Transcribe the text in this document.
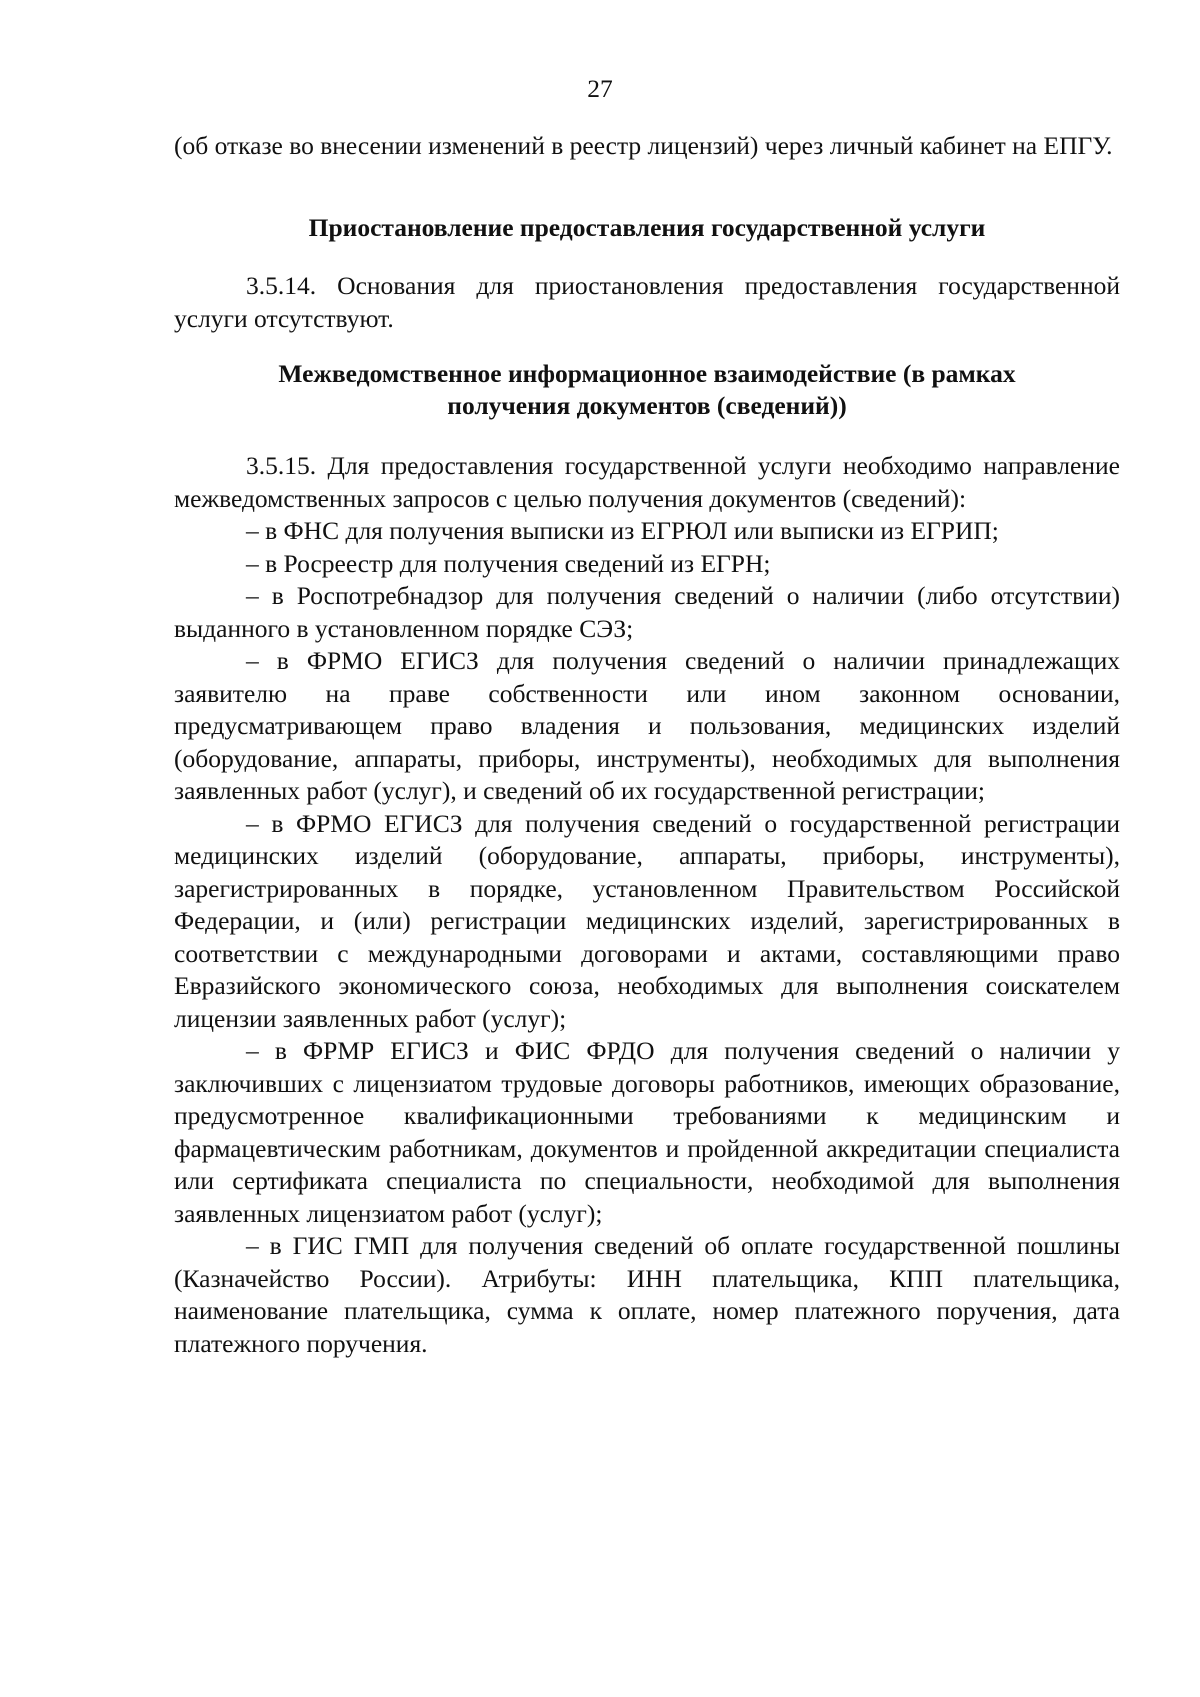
27

(об отказе во внесении изменений в реестр лицензий) через личный кабинет на ЕПГУ.

Приостановление предоставления государственной услуги

3.5.14. Основания для приостановления предоставления государственной услуги отсутствуют.

Межведомственное информационное взаимодействие (в рамках
получения документов (сведений))

3.5.15. Для предоставления государственной услуги необходимо направление межведомственных запросов с целью получения документов (сведений):

– в ФНС для получения выписки из ЕГРЮЛ или выписки из ЕГРИП;

– в Росреестр для получения сведений из ЕГРН;

– в Роспотребнадзор для получения сведений о наличии (либо отсутствии) выданного в установленном порядке СЭЗ;

– в ФРМО ЕГИСЗ для получения сведений о наличии принадлежащих заявителю на праве собственности или ином законном основании, предусматривающем право владения и пользования, медицинских изделий (оборудование, аппараты, приборы, инструменты), необходимых для выполнения заявленных работ (услуг), и сведений об их государственной регистрации;

– в ФРМО ЕГИСЗ для получения сведений о государственной регистрации медицинских изделий (оборудование, аппараты, приборы, инструменты), зарегистрированных в порядке, установленном Правительством Российской Федерации, и (или) регистрации медицинских изделий, зарегистрированных в соответствии с международными договорами и актами, составляющими право Евразийского экономического союза, необходимых для выполнения соискателем лицензии заявленных работ (услуг);

– в ФРМР ЕГИСЗ и ФИС ФРДО для получения сведений о наличии у заключивших с лицензиатом трудовые договоры работников, имеющих образование, предусмотренное квалификационными требованиями к медицинским и фармацевтическим работникам, документов и пройденной аккредитации специалиста или сертификата специалиста по специальности, необходимой для выполнения заявленных лицензиатом работ (услуг);

– в ГИС ГМП для получения сведений об оплате государственной пошлины (Казначейство России). Атрибуты: ИНН плательщика, КПП плательщика, наименование плательщика, сумма к оплате, номер платежного поручения, дата платежного поручения.
